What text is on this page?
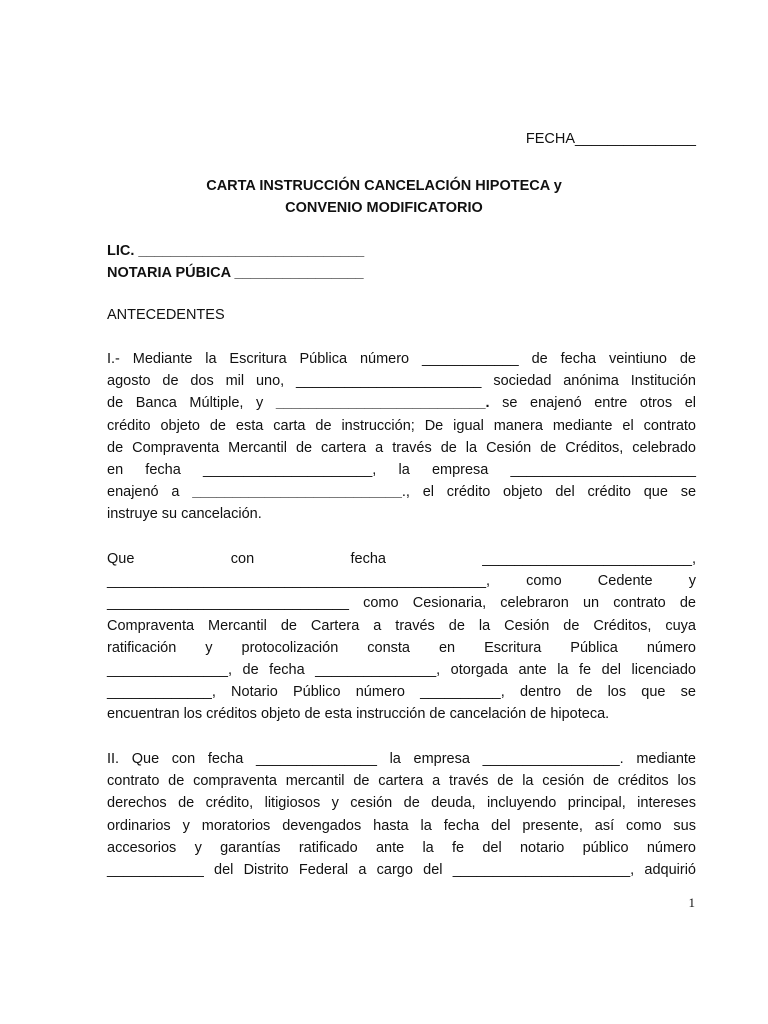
FECHA_______________
CARTA INSTRUCCIÓN CANCELACIÓN HIPOTECA y
CONVENIO MODIFICATORIO
LIC. ____________________________
NOTARIA PÚBICA ________________
ANTECEDENTES
I.- Mediante la Escritura Pública número ____________ de fecha veintiuno de
agosto de dos mil uno, _______________________ sociedad anónima Institución
de Banca Múltiple, y __________________________. se enajenó entre otros el
crédito objeto de esta carta de instrucción; De igual manera mediante el contrato
de Compraventa Mercantil de cartera a través de la Cesión de Créditos, celebrado
en fecha _____________________, la empresa _______________________
enajenó a __________________________., el crédito objeto del crédito que se
instruye su cancelación.
Que con fecha __________________________,
_______________________________________________, como Cedente y
______________________________ como Cesionaria, celebraron un contrato de
Compraventa Mercantil de Cartera a través de la Cesión de Créditos, cuya
ratificación y protocolización consta en Escritura Pública número
_______________, de fecha _______________, otorgada ante la fe del licenciado
_____________, Notario Público número __________, dentro de los que se
encuentran los créditos objeto de esta instrucción de cancelación de hipoteca.
II. Que con fecha _______________ la empresa _________________. mediante
contrato de compraventa mercantil de cartera a través de la cesión de créditos los
derechos de crédito, litigiosos y cesión de deuda, incluyendo principal, intereses
ordinarios y moratorios devengados hasta la fecha del presente, así como sus
accesorios y garantías ratificado ante la fe del notario público número
____________ del Distrito Federal a cargo del ______________________, adquirió
1
